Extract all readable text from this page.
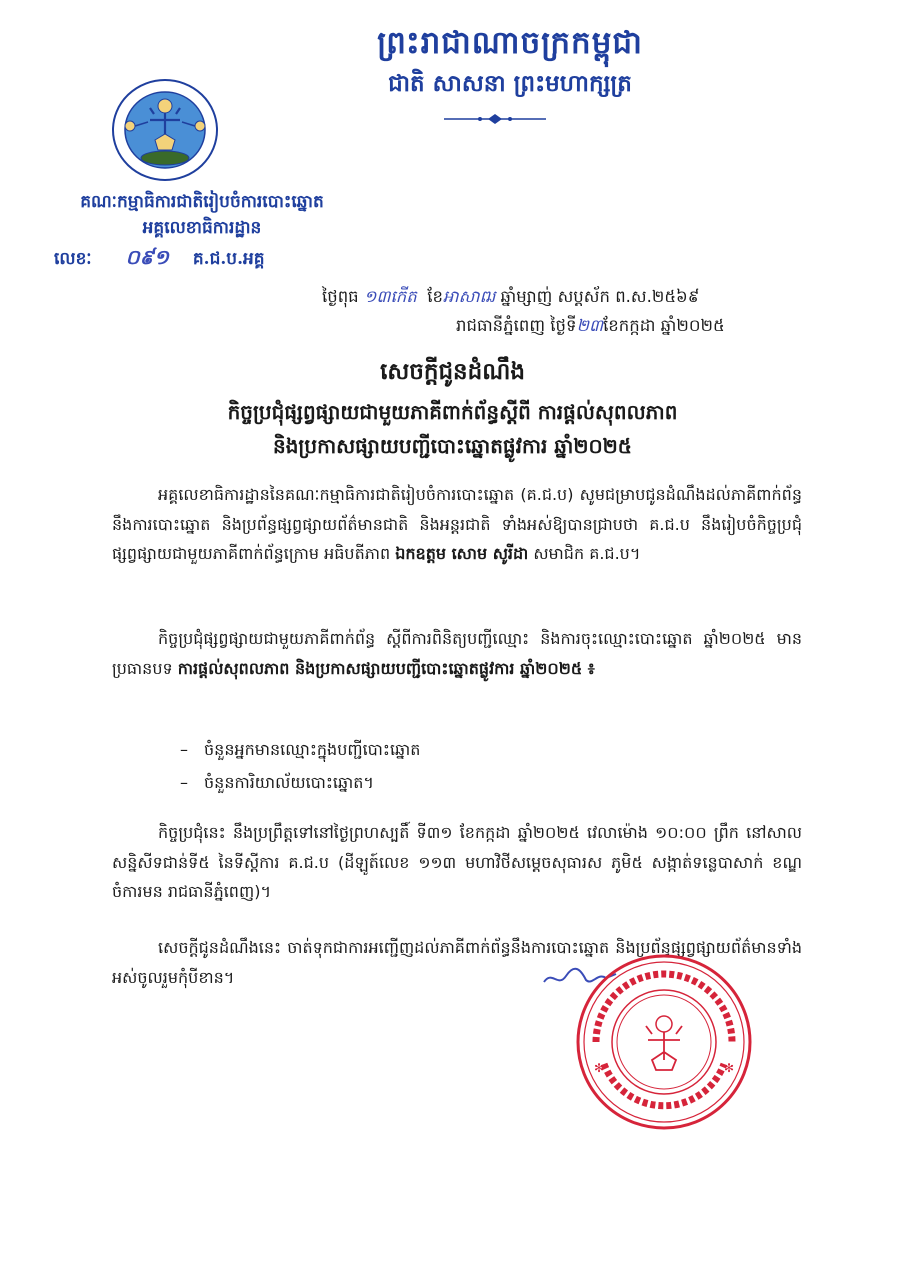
ព្រះរាជាណាចក្រកម្ពុជា
ជាតិ សាសនា ព្រះមហាក្សត្រ
គណៈកម្មាធិការជាតិរៀបចំការបោះឆ្នោត
អគ្គលេខាធិការដ្ឋាន
លេខៈ ០៩១ គ.ជ.ប.អគ្គ
ថ្ងៃពុធ ១៣កើត ខែអាសាឍ ឆ្នាំម្សាញ់ សប្តស័ក ព.ស.២៥៦៩
រាជធានីភ្នំពេញ ថ្ងៃទី២៣ខែកក្កដា ឆ្នាំ២០២៥
សេចក្តីជូនដំណឹង
កិច្ចប្រជុំផ្សព្វផ្សាយជាមួយភាគីពាក់ព័ន្ធស្តីពី ការផ្តល់សុពលភាព
និងប្រកាសផ្សាយបញ្ជីបោះឆ្នោតផ្លូវការ ឆ្នាំ២០២៥
អគ្គលេខាធិការដ្ឋាននៃគណៈកម្មាធិការជាតិរៀបចំការបោះឆ្នោត (គ.ជ.ប) សូមជម្រាបជូនដំណឹងដល់ភាគីពាក់ព័ន្ធនឹងការបោះឆ្នោត និងប្រព័ន្ធផ្សព្វផ្សាយព័ត៌មានជាតិ និងអន្តរជាតិ ទាំងអស់ឱ្យបានជ្រាបថា គ.ជ.ប នឹងរៀបចំកិច្ចប្រជុំផ្សព្វផ្សាយជាមួយភាគីពាក់ព័ន្ធក្រោម អធិបតីភាព ឯកឧត្តម សោម សូរីដា សមាជិក គ.ជ.ប។
កិច្ចប្រជុំផ្សព្វផ្សាយជាមួយភាគីពាក់ព័ន្ធ ស្តីពីការពិនិត្យបញ្ជីឈ្មោះ និងការចុះឈ្មោះបោះឆ្នោត ឆ្នាំ២០២៥ មានប្រធានបទ ការផ្តល់សុពលភាព និងប្រកាសផ្សាយបញ្ជីបោះឆ្នោតផ្លូវការ ឆ្នាំ២០២៥ ៖
– ចំនួនអ្នកមានឈ្មោះក្នុងបញ្ជីបោះឆ្នោត
– ចំនួនការិយាល័យបោះឆ្នោត។
កិច្ចប្រជុំនេះ នឹងប្រព្រឹត្តទៅនៅថ្ងៃព្រហស្បតិ៍ ទី៣១ ខែកក្កដា ឆ្នាំ២០២៥ វេលាម៉ោង ១០:០០ ព្រឹក នៅសាលសន្និសីទជាន់ទី៥ នៃទីស្តីការ គ.ជ.ប (ដីឡូត៍លេខ ១១៣ មហាវិថីសម្តេចសុធារស ភូមិ៥ សង្កាត់ទន្លេបាសាក់ ខណ្ឌចំការមន រាជធានីភ្នំពេញ)។
សេចក្តីជូនដំណឹងនេះ ចាត់ទុកជាការអញ្ជើញដល់ភាគីពាក់ព័ន្ធនឹងការបោះឆ្នោត និងប្រព័ន្ធផ្សព្វផ្សាយព័ត៌មានទាំងអស់ចូលរួមកុំបីខាន។
✻	✻
